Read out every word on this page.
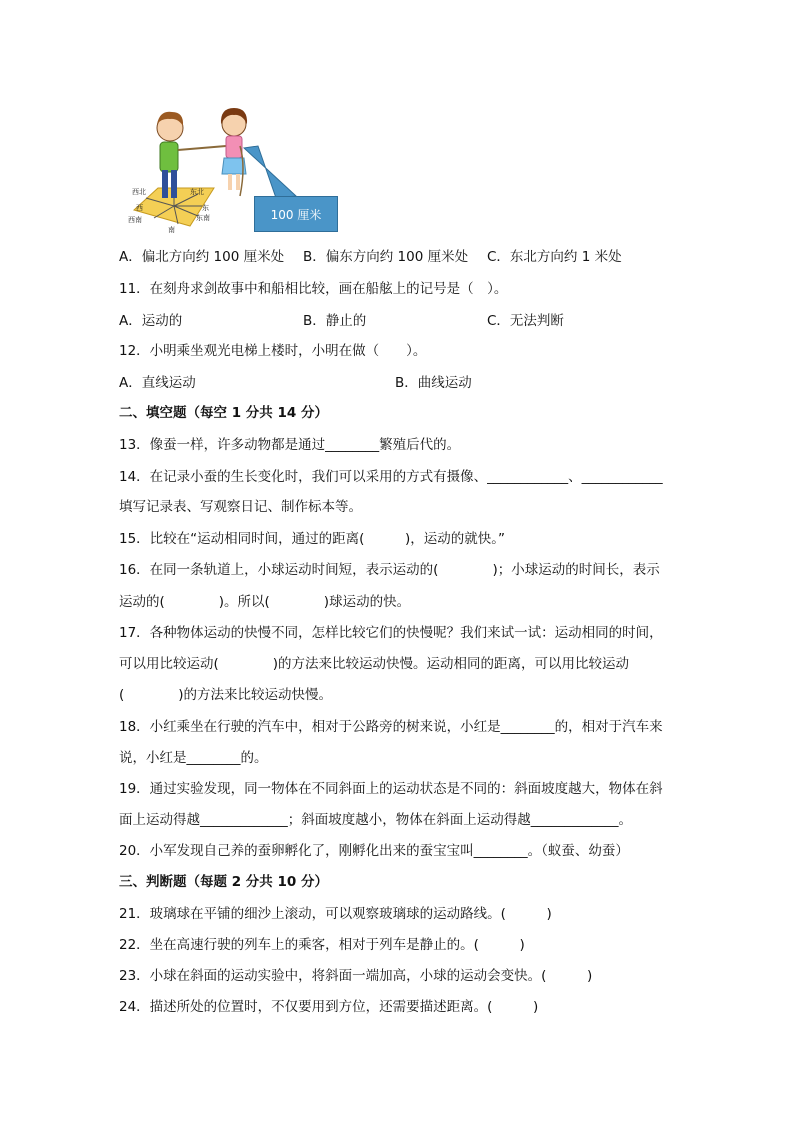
西北	东北
西	东
西南	东南
南
100 厘米
A．偏北方向约 100 厘米处 B．偏东方向约 100 厘米处 C．东北方向约 1 米处
11．在刻舟求剑故事中和船相比较，画在船舷上的记号是（　）。
A．运动的	B．静止的	C．无法判断
12．小明乘坐观光电梯上楼时，小明在做（　　）。
A．直线运动	B．曲线运动
二、填空题（每空 1 分共 14 分）
13．像蚕一样，许多动物都是通过________繁殖后代的。
14．在记录小蚕的生长变化时，我们可以采用的方式有摄像、____________、____________
填写记录表、写观察日记、制作标本等。
15．比较在“运动相同时间，通过的距离(　　　)，运动的就快。”
16．在同一条轨道上，小球运动时间短，表示运动的(　　　　)；小球运动的时间长，表示
运动的(　　　　)。所以(　　　　)球运动的快。
17．各种物体运动的快慢不同，怎样比较它们的快慢呢？我们来试一试：运动相同的时间，
可以用比较运动(　　　　)的方法来比较运动快慢。运动相同的距离，可以用比较运动
(　　　　)的方法来比较运动快慢。
18．小红乘坐在行驶的汽车中，相对于公路旁的树来说，小红是________的，相对于汽车来
说，小红是________的。
19．通过实验发现，同一物体在不同斜面上的运动状态是不同的：斜面坡度越大，物体在斜
面上运动得越_____________；斜面坡度越小，物体在斜面上运动得越_____________。
20．小军发现自己养的蚕卵孵化了，刚孵化出来的蚕宝宝叫________。（蚁蚕、幼蚕）
三、判断题（每题 2 分共 10 分）
21．玻璃球在平铺的细沙上滚动，可以观察玻璃球的运动路线。(　　　)
22．坐在高速行驶的列车上的乘客，相对于列车是静止的。(　　　)
23．小球在斜面的运动实验中，将斜面一端加高，小球的运动会变快。(　　　)
24．描述所处的位置时，不仅要用到方位，还需要描述距离。(　　　)
